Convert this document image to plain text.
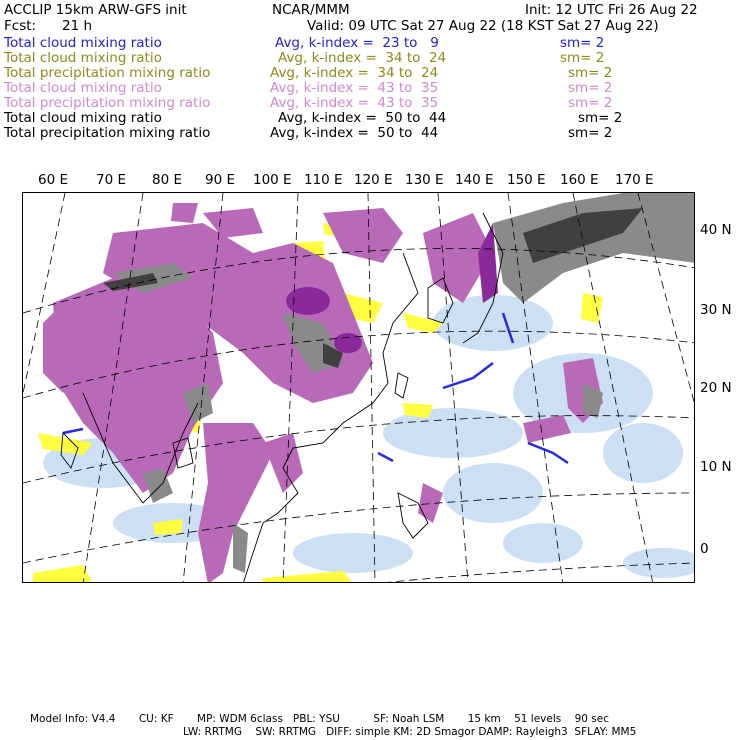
ACCLIP 15km ARW-GFS init	NCAR/MMM	Init: 12 UTC Fri 26 Aug 22
Fcst: 21 h	Valid: 09 UTC Sat 27 Aug 22 (18 KST Sat 27 Aug 22)
Total cloud mixing ratio	Avg, k-index =  23 to   9	sm= 2
Total cloud mixing ratio	Avg, k-index =  34 to  24	sm= 2
Total precipitation mixing ratio	Avg, k-index =  34 to  24	sm= 2
Total cloud mixing ratio	Avg, k-index =  43 to  35	sm= 2
Total precipitation mixing ratio	Avg, k-index =  43 to  35	sm= 2
Total cloud mixing ratio	Avg, k-index =  50 to  44	sm= 2
Total precipitation mixing ratio	Avg, k-index =  50 to  44	sm= 2
60 E 70 E 80 E 90 E 100 E 110 E 120 E 130 E 140 E 150 E 160 E 170 E
40 N
30 N
20 N
10 N
0
Model Info: V4.4       CU: KF       MP: WDM 6class   PBL: YSU          SF: Noah LSM       15 km    51 levels    90 sec
LW: RRTMG    SW: RRTMG   DIFF: simple KM: 2D Smagor DAMP: Rayleigh3  SFLAY: MM5
